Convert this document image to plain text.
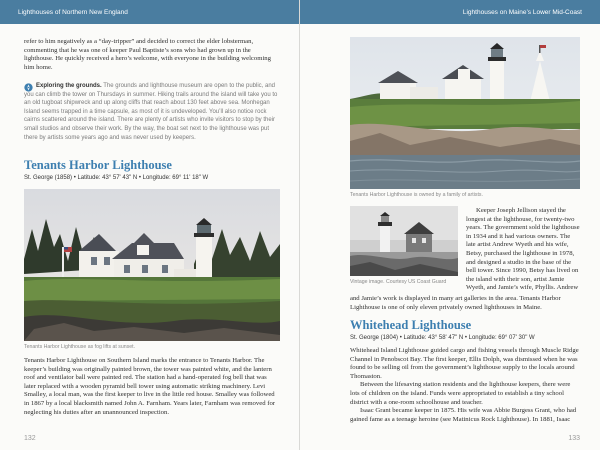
Lighthouses of Northern New England

refer to him negatively as a “day-tripper” and decided to correct the elder lobsterman, commenting that he was one of keeper Paul Baptiste’s sons who had grown up in the lighthouse. He quickly received a hero’s welcome, with everyone in the building welcoming him home.

Exploring the grounds. The grounds and lighthouse museum are open to the public, and you can climb the tower on Thursdays in summer. Hiking trails around the island will take you to an old tugboat shipwreck and up along cliffs that reach about 130 feet above sea. Monhegan Island seems trapped in a time capsule, as most of it is undeveloped. You’ll also notice rock cairns scattered around the island. There are plenty of artists who invite visitors to stop by their small studios and observe their work. By the way, the boat set next to the lighthouse was put there by artists some years ago and was never used by keepers.

Tenants Harbor Lighthouse
St. George (1858) • Latitude: 43° 57' 43" N • Longitude: 69° 11' 18" W
Tenants Harbor Lighthouse as fog lifts at sunset.

Tenants Harbor Lighthouse on Southern Island marks the entrance to Tenants Harbor. The keeper’s building was originally painted brown, the tower was painted white, and the lantern roof and ventilator ball were painted red. The station had a hand-operated fog bell that was later replaced with a wooden pyramid bell tower using automatic striking machinery. Levi Smalley, a local man, was the first keeper to live in the little red house. Smalley was followed in 1867 by a local blacksmith named John A. Farnham. Years later, Farnham was removed for neglecting his duties after an unannounced inspection.

132
Lighthouses on Maine’s Lower Mid-Coast
Tenants Harbor Lighthouse is owned by a family of artists.
Vintage image. Courtesy US Coast Guard

Keeper Joseph Jellison stayed the longest at the lighthouse, for twenty-two years. The government sold the lighthouse in 1934 and it had various owners. The late artist Andrew Wyeth and his wife, Betsy, purchased the lighthouse in 1978, and designed a studio in the base of the bell tower. Since 1990, Betsy has lived on the island with their son, artist Jamie Wyeth, and Jamie’s wife, Phyllis. Andrew

Whitehead Lighthouse
St. George (1804) • Latitude: 43° 58' 47" N • Longitude: 69° 07' 30" W

Whitehead Island Lighthouse guided cargo and fishing vessels through Muscle Ridge Channel in Penobscot Bay. The first keeper, Ellis Dolph, was dismissed when he was found to be selling oil from the government’s lighthouse supply to the locals around Thomaston.

Between the lifesaving station residents and the lighthouse keepers, there were lots of children on the island. Funds were appropriated to establish a tiny school district with a one-room schoolhouse and teacher.

Isaac Grant became keeper in 1875. His wife was Abbie Burgess Grant, who had gained fame as a teenage heroine (see Matinicus Rock Lighthouse). In 1881, Isaac

133

and Jamie’s work is displayed in many art galleries in the area. Tenants Harbor Lighthouse is one of only eleven privately owned lighthouses in Maine.
